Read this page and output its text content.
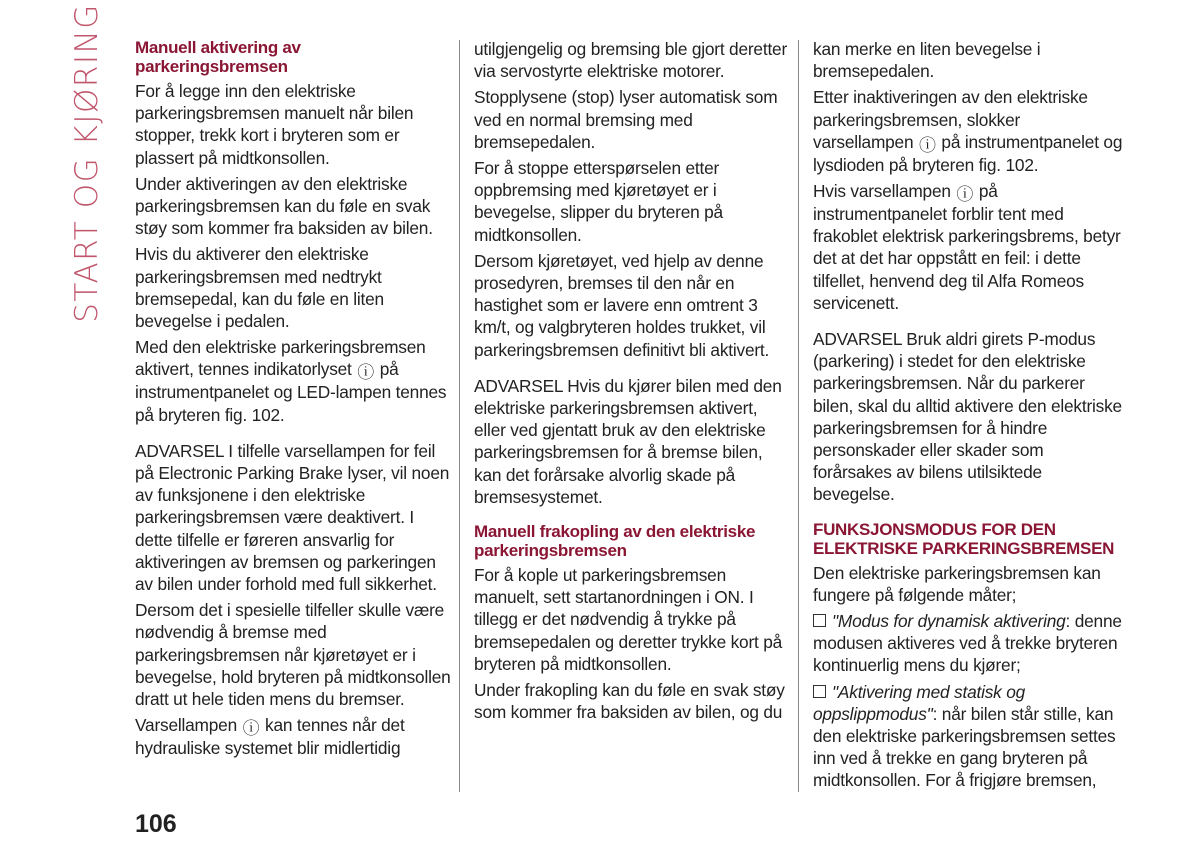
START OG KJØRING Manuell aktivering av parkeringsbremsen

For å legge inn den elektriske parkeringsbremsen manuelt når bilen stopper, trekk kort i bryteren som er plassert på midtkonsollen.

Under aktiveringen av den elektriske parkeringsbremsen kan du føle en svak støy som kommer fra baksiden av bilen.

Hvis du aktiverer den elektriske parkeringsbremsen med nedtrykt bremsepedal, kan du føle en liten bevegelse i pedalen.

Med den elektriske parkeringsbremsen aktivert, tennes indikatorlyset ⓘ på instrumentpanelet og LED-lampen tennes på bryteren fig. 102.

ADVARSEL I tilfelle varsellampen for feil på Electronic Parking Brake lyser, vil noen av funksjonene i den elektriske parkeringsbremsen være deaktivert. I dette tilfelle er føreren ansvarlig for aktiveringen av bremsen og parkeringen av bilen under forhold med full sikkerhet.

Dersom det i spesielle tilfeller skulle være nødvendig å bremse med parkeringsbremsen når kjøretøyet er i bevegelse, hold bryteren på midtkonsollen dratt ut hele tiden mens du bremser.

Varsellampen ⓘ kan tennes når det hydrauliske systemet blir midlertidig

utilgjengelig og bremsing ble gjort deretter via servostyrte elektriske motorer.

Stopplysene (stop) lyser automatisk som ved en normal bremsing med bremsepedalen.

For å stoppe etterspørselen etter oppbremsing med kjøretøyet er i bevegelse, slipper du bryteren på midtkonsollen.

Dersom kjøretøyet, ved hjelp av denne prosedyren, bremses til den når en hastighet som er lavere enn omtrent 3 km/t, og valgbryteren holdes trukket, vil parkeringsbremsen definitivt bli aktivert.

ADVARSEL Hvis du kjører bilen med den elektriske parkeringsbremsen aktivert, eller ved gjentatt bruk av den elektriske parkeringsbremsen for å bremse bilen, kan det forårsake alvorlig skade på bremsesystemet.

Manuell frakopling av den elektriske parkeringsbremsen

For å kople ut parkeringsbremsen manuelt, sett startanordningen i ON. I tillegg er det nødvendig å trykke på bremsepedalen og deretter trykke kort på bryteren på midtkonsollen.

Under frakopling kan du føle en svak støy som kommer fra baksiden av bilen, og du

kan merke en liten bevegelse i bremsepedalen.

Etter inaktiveringen av den elektriske parkeringsbremsen, slokker varsellampen ⓘ på instrumentpanelet og lysdioden på bryteren fig. 102.

Hvis varsellampen ⓘ på instrumentpanelet forblir tent med frakoblet elektrisk parkeringsbrems, betyr det at det har oppstått en feil: i dette tilfellet, henvend deg til Alfa Romeos servicenett.

ADVARSEL Bruk aldri girets P-modus (parkering) i stedet for den elektriske parkeringsbremsen. Når du parkerer bilen, skal du alltid aktivere den elektriske parkeringsbremsen for å hindre personskader eller skader som forårsakes av bilens utilsiktede bevegelse.

FUNKSJONSMODUS FOR DEN ELEKTRISKE PARKERINGSBREMSEN

Den elektriske parkeringsbremsen kan fungere på følgende måter;

"Modus for dynamisk aktivering: denne modusen aktiveres ved å trekke bryteren kontinuerlig mens du kjører;

"Aktivering med statisk og oppslippmodus": når bilen står stille, kan den elektriske parkeringsbremsen settes inn ved å trekke en gang bryteren på midtkonsollen. For å frigjøre bremsen,

106
